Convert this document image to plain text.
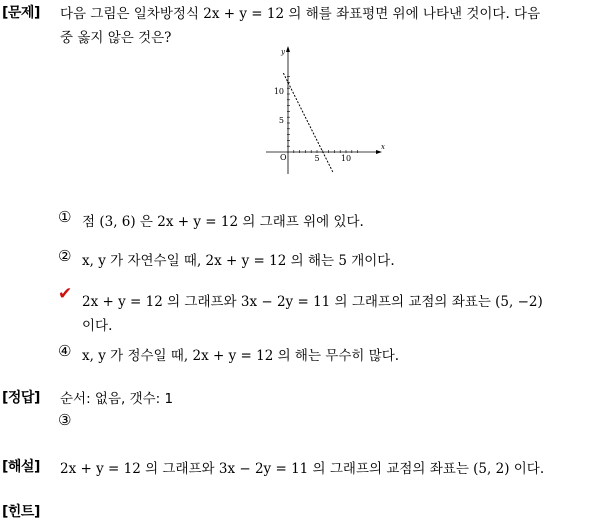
[문제] 다음 그림은 일차방정식 2x + y = 12 의 해를 좌표평면 위에 나타낸 것이다. 다음
중 옳지 않은 것은?
y
x
O
10
5
5	10
① 점 (3, 6) 은 2x + y = 12 의 그래프 위에 있다.
② x, y 가 자연수일 때, 2x + y = 12 의 해는 5 개이다.
✔ 2x + y = 12 의 그래프와 3x − 2y = 11 의 그래프의 교점의 좌표는 (5, −2)
이다.
④ x, y 가 정수일 때, 2x + y = 12 의 해는 무수히 많다.
[정답] 순서: 없음, 갯수: 1
③
[해설] 2x + y = 12 의 그래프와 3x − 2y = 11 의 그래프의 교점의 좌표는 (5, 2) 이다.
[힌트]
